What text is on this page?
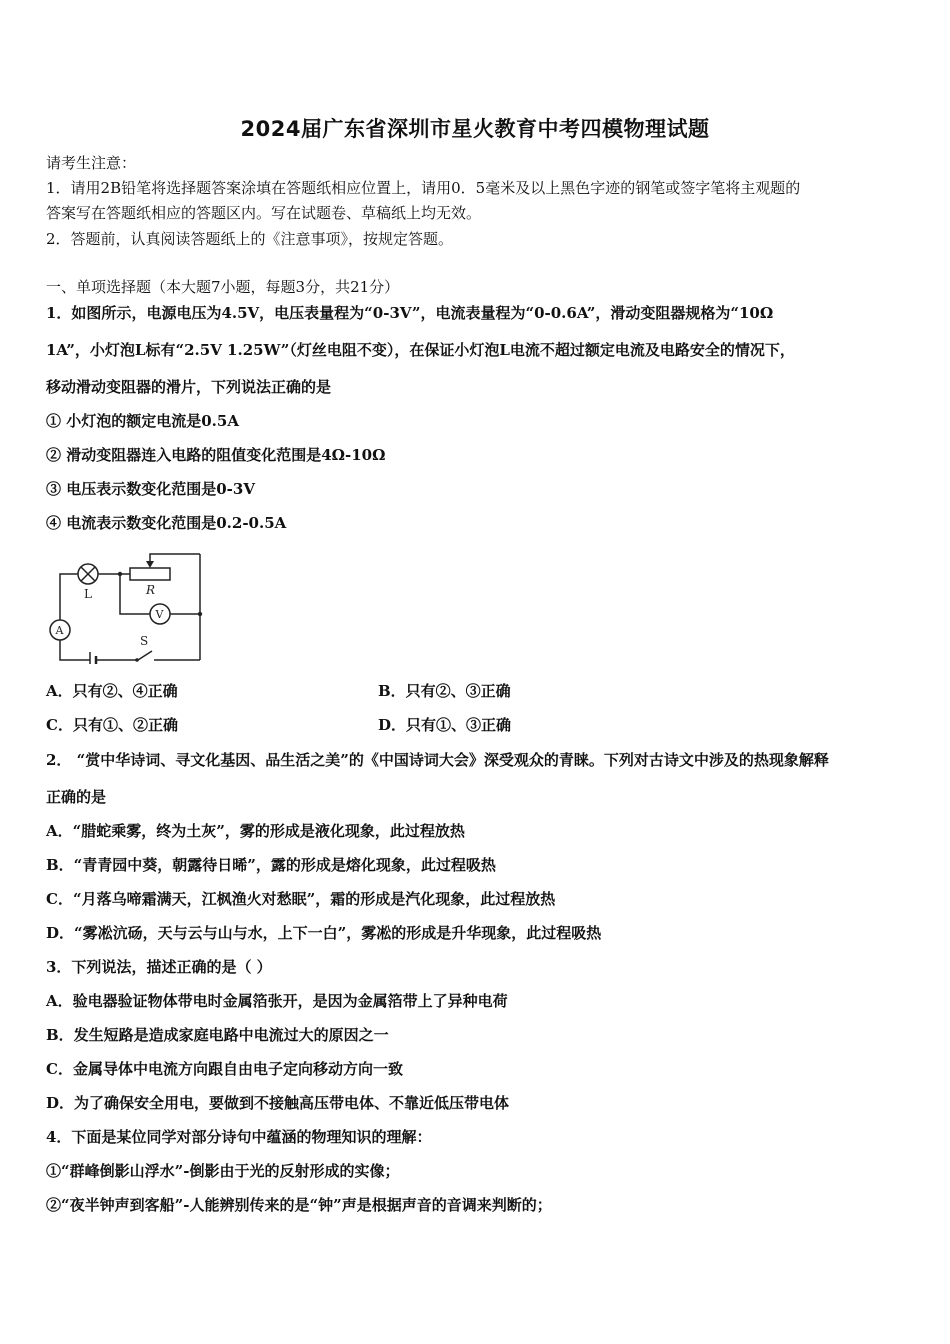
2024届广东省深圳市星火教育中考四模物理试题
请考生注意：
1．请用2B铅笔将选择题答案涂填在答题纸相应位置上，请用0．5毫米及以上黑色字迹的钢笔或签字笔将主观题的
答案写在答题纸相应的答题区内。写在试题卷、草稿纸上均无效。
2．答题前，认真阅读答题纸上的《注意事项》，按规定答题。
一、单项选择题（本大题7小题，每题3分，共21分）
1．如图所示，电源电压为4.5V，电压表量程为“0-3V”，电流表量程为“0-0.6A”，滑动变阻器规格为“10Ω
1A”，小灯泡L标有“2.5V 1.25W”（灯丝电阻不变），在保证小灯泡L电流不超过额定电流及电路安全的情况下，
移动滑动变阻器的滑片，下列说法正确的是
① 小灯泡的额定电流是0.5A
② 滑动变阻器连入电路的阻值变化范围是4Ω-10Ω
③ 电压表示数变化范围是0-3V
④ 电流表示数变化范围是0.2-0.5A
L	R
A
V
S
A．只有②、④正确	B．只有②、③正确
C．只有①、②正确	D．只有①、③正确
2． “赏中华诗词、寻文化基因、品生活之美”的《中国诗词大会》深受观众的青睐。下列对古诗文中涉及的热现象解释
正确的是
A．“腊蛇乘雾，终为土灰”，雾的形成是液化现象，此过程放热
B．“青青园中葵，朝露待日晞”，露的形成是熔化现象，此过程吸热
C．“月落乌啼霜满天，江枫渔火对愁眠”，霜的形成是汽化现象，此过程放热
D．“雾凇沆砀，天与云与山与水，上下一白”，雾凇的形成是升华现象，此过程吸热
3．下列说法，描述正确的是（ ）
A．验电器验证物体带电时金属箔张开，是因为金属箔带上了异种电荷
B．发生短路是造成家庭电路中电流过大的原因之一
C．金属导体中电流方向跟自由电子定向移动方向一致
D．为了确保安全用电，要做到不接触高压带电体、不靠近低压带电体
4．下面是某位同学对部分诗句中蕴涵的物理知识的理解：
①“群峰倒影山浮水”-倒影由于光的反射形成的实像；
②“夜半钟声到客船”-人能辨别传来的是“钟”声是根据声音的音调来判断的；
